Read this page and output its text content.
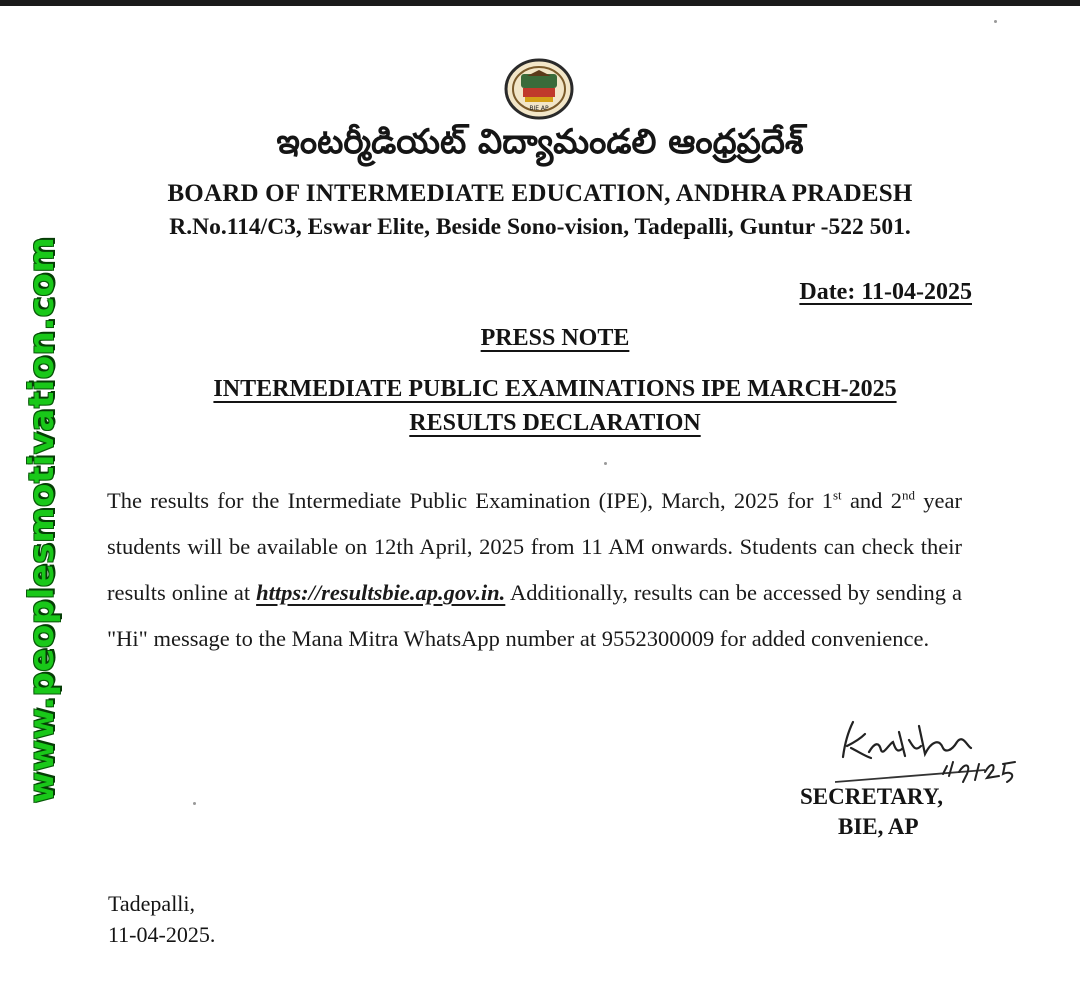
BIE AP
ఇంటర్మీడియట్ విద్యామండలి ఆంధ్రప్రదేశ్
BOARD OF INTERMEDIATE EDUCATION, ANDHRA PRADESH
R.No.114/C3, Eswar Elite, Beside Sono-vision, Tadepalli, Guntur -522 501.
Date: 11-04-2025
PRESS NOTE
INTERMEDIATE PUBLIC EXAMINATIONS IPE MARCH-2025
RESULTS DECLARATION
The results for the Intermediate Public Examination (IPE), March, 2025 for 1st and 2nd year students will be available on 12th April, 2025 from 11 AM onwards. Students can check their results online at https://resultsbie.ap.gov.in. Additionally, results can be accessed by sending a "Hi" message to the Mana Mitra WhatsApp number at 9552300009 for added convenience.
SECRETARY,
BIE, AP
Tadepalli,
11-04-2025.
www.peoplesmotivation.com
